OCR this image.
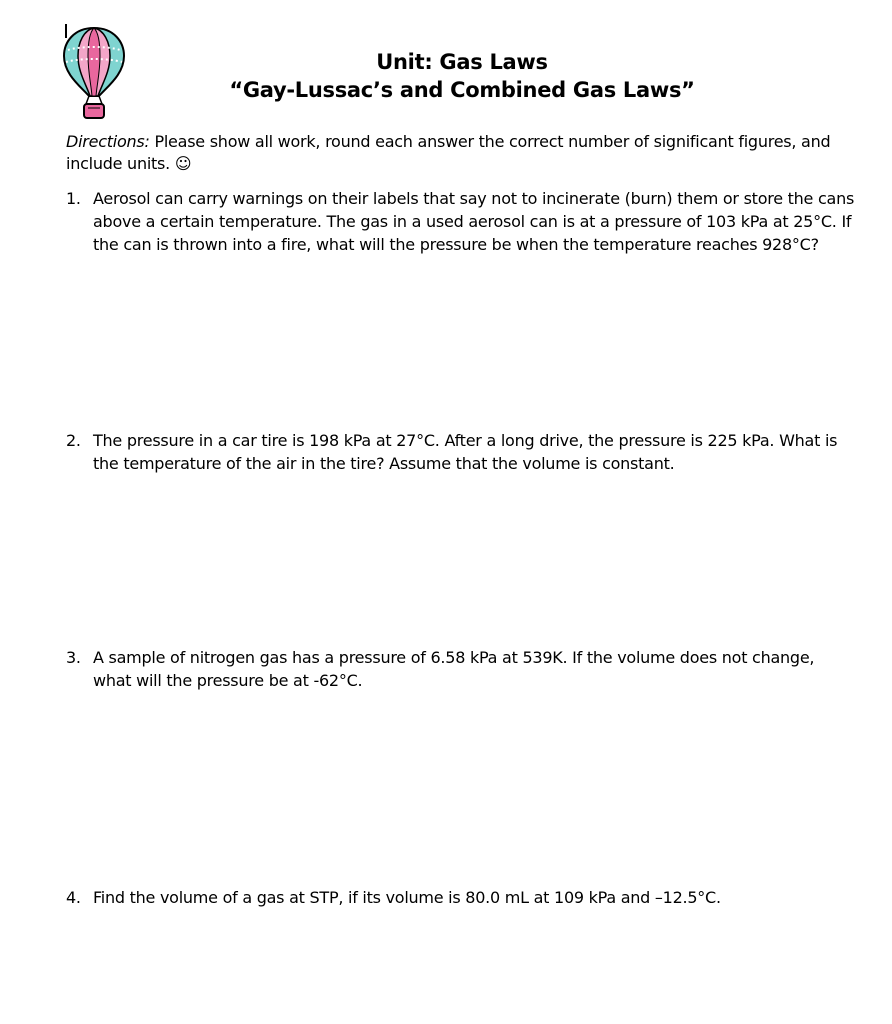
Unit: Gas Laws
“Gay-Lussac’s and Combined Gas Laws”
Directions: Please show all work, round each answer the correct number of significant figures, and include units. ☺
1. Aerosol can carry warnings on their labels that say not to incinerate (burn) them or store the cans above a certain temperature. The gas in a used aerosol can is at a pressure of 103 kPa at 25°C. If the can is thrown into a fire, what will the pressure be when the temperature reaches 928°C?
2. The pressure in a car tire is 198 kPa at 27°C. After a long drive, the pressure is 225 kPa. What is the temperature of the air in the tire? Assume that the volume is constant.
3. A sample of nitrogen gas has a pressure of 6.58 kPa at 539K. If the volume does not change, what will the pressure be at -62°C.
4. Find the volume of a gas at STP, if its volume is 80.0 mL at 109 kPa and –12.5°C.
